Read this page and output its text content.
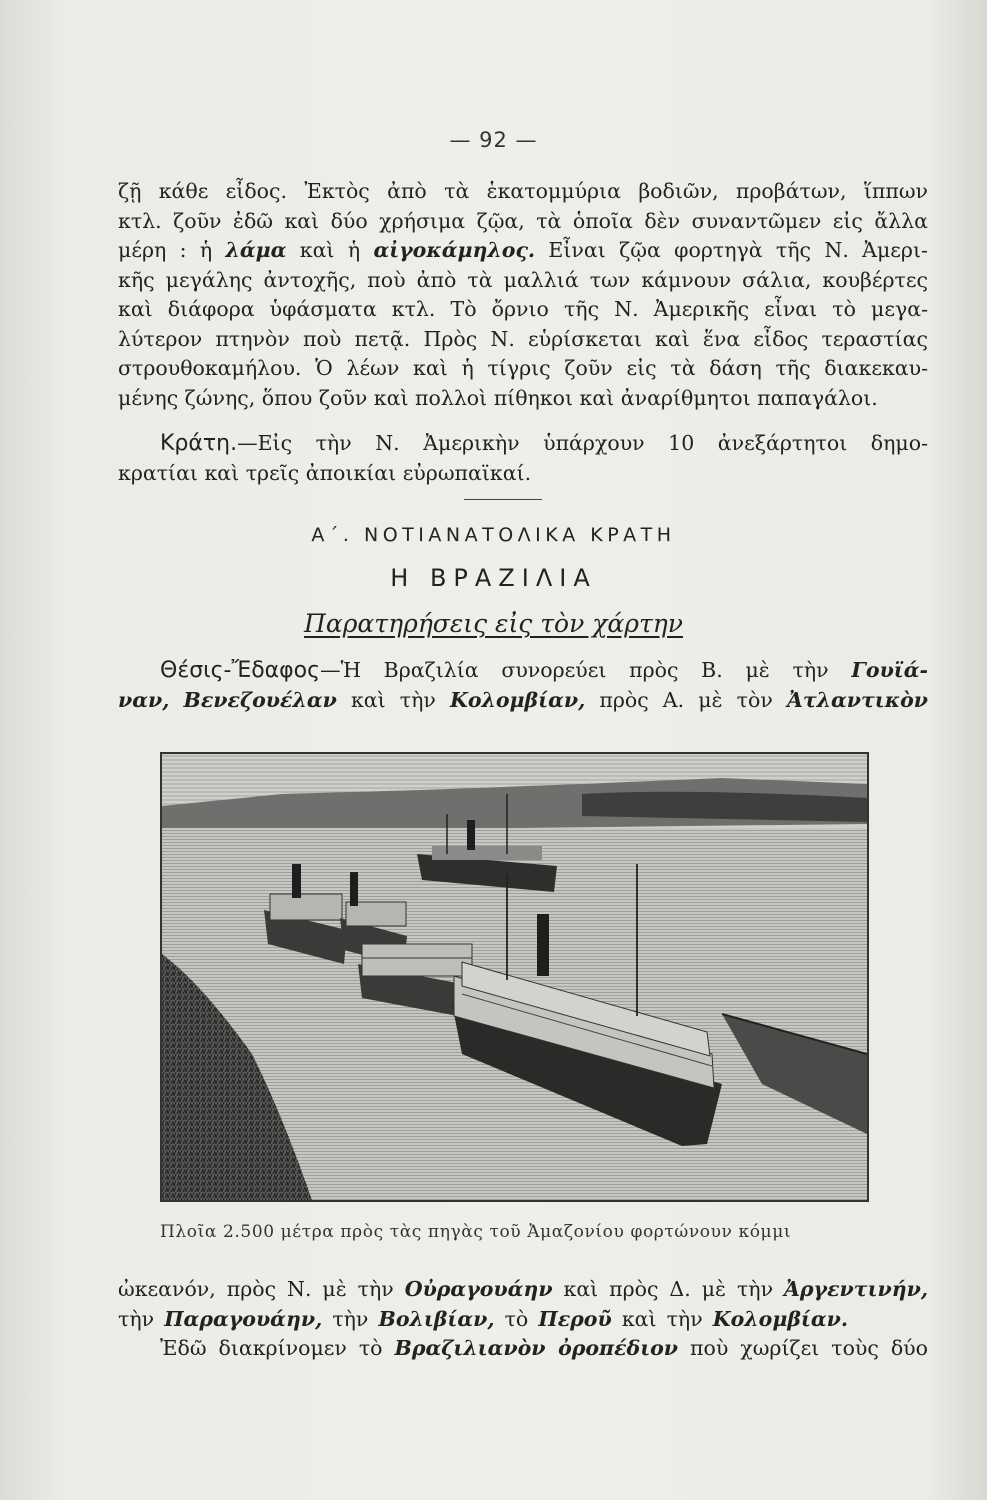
— 92 —
ζῇ κάθε εἶδος. Ἐκτὸς ἀπὸ τὰ ἑκατομμύρια βοδιῶν, προβάτων, ἵππων
κτλ. ζοῦν ἐδῶ καὶ δύο χρήσιμα ζῷα, τὰ ὁποῖα δὲν συναντῶμεν εἰς ἄλλα
μέρη : ἡ λάμα καὶ ἡ αἰγοκάμηλος. Εἶναι ζῷα φορτηγὰ τῆς Ν. Ἀμερι-
κῆς μεγάλης ἀντοχῆς, ποὺ ἀπὸ τὰ μαλλιά των κάμνουν σάλια, κουβέρτες
καὶ διάφορα ὑφάσματα κτλ. Τὸ ὄρνιο τῆς Ν. Ἀμερικῆς εἶναι τὸ μεγα-
λύτερον πτηνὸν ποὺ πετᾷ. Πρὸς Ν. εὑρίσκεται καὶ ἕνα εἶδος τεραστίας
στρουθοκαμήλου. Ὁ λέων καὶ ἡ τίγρις ζοῦν εἰς τὰ δάση τῆς διακεκαυ-
μένης ζώνης, ὅπου ζοῦν καὶ πολλοὶ πίθηκοι καὶ ἀναρίθμητοι παπαγάλοι.
Κράτη.—Εἰς τὴν Ν. Ἀμερικὴν ὑπάρχουν 10 ἀνεξάρτητοι δημο-
κρατίαι καὶ τρεῖς ἀποικίαι εὐρωπαϊκαί.
Α΄. ΝΟΤΙΑΝΑΤΟΛΙΚΑ ΚΡΑΤΗ
Η ΒΡΑΖΙΛΙΑ
Παρατηρήσεις εἰς τὸν χάρτην
Θέσις-Ἔδαφος—Ἡ Βραζιλία συνορεύει πρὸς Β. μὲ τὴν Γουϊά-
ναν, Βενεζουέλαν καὶ τὴν Κολομβίαν, πρὸς Α. μὲ τὸν Ἀτλαντικὸν
Πλοῖα 2.500 μέτρα πρὸς τὰς πηγὰς τοῦ Ἀμαζονίου φορτώνουν κόμμι
ὠκεανόν, πρὸς Ν. μὲ τὴν Οὐραγουάην καὶ πρὸς Δ. μὲ τὴν Ἀργεντινήν,
τὴν Παραγουάην, τὴν Βολιβίαν, τὸ Περοῦ καὶ τὴν Κολομβίαν.
Ἐδῶ διακρίνομεν τὸ Βραζιλιανὸν ὀροπέδιον ποὺ χωρίζει τοὺς δύο
